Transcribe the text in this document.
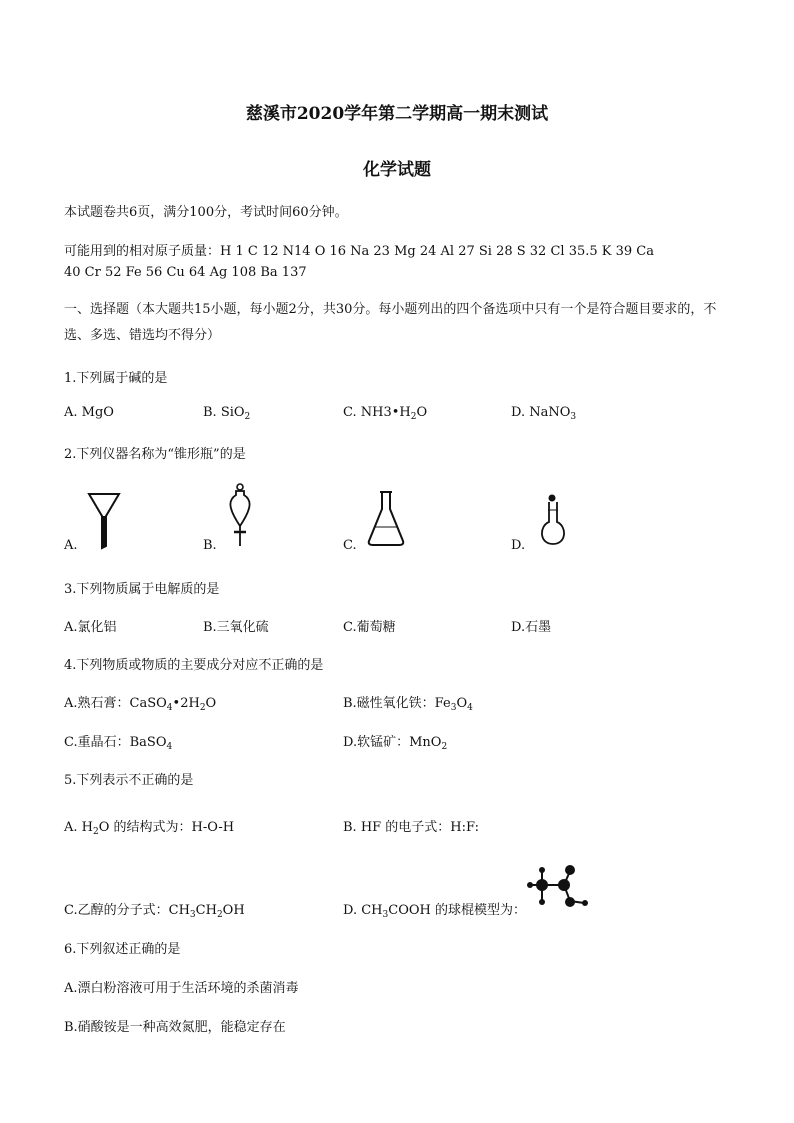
慈溪市2020学年第二学期高一期末测试
化学试题
本试题卷共6页，满分100分，考试时间60分钟。
可能用到的相对原子质量：H 1 C 12 N14 O 16 Na 23 Mg 24 Al 27 Si 28 S 32 Cl 35.5 K 39 Ca
40 Cr 52 Fe 56 Cu 64 Ag 108 Ba 137
一、选择题（本大题共15小题，每小题2分，共30分。每小题列出的四个备选项中只有一个是符合题目要求的，不选、多选、错选均不得分）
1.下列属于碱的是
A. MgO	B. SiO$_2$	C. $NH3•H_2O$	D. NaNO$_3$
2.下列仪器名称为“锥形瓶”的是
A.	B.	C.	D.
3.下列物质属于电解质的是
A.氯化铝	B.三氧化硫	C.葡萄糖	D.石墨
4.下列物质或物质的主要成分对应不正确的是
A.熟石膏：$CaSO_4•2H_2O$	B.磁性氧化铁：$Fe_3O_4$
C.重晶石：BaSO$_4$	D.软锰矿：MnO$_2$
5.下列表示不正确的是
A. $H_2O$ 的结构式为：H-O-H	B. HF 的电子式：H:F:
C.乙醇的分子式：$CH_3CH_2OH$	D. $CH_3COOH$ 的球棍模型为：
6.下列叙述正确的是
A.漂白粉溶液可用于生活环境的杀菌消毒
B.硝酸铵是一种高效氮肥，能稳定存在
